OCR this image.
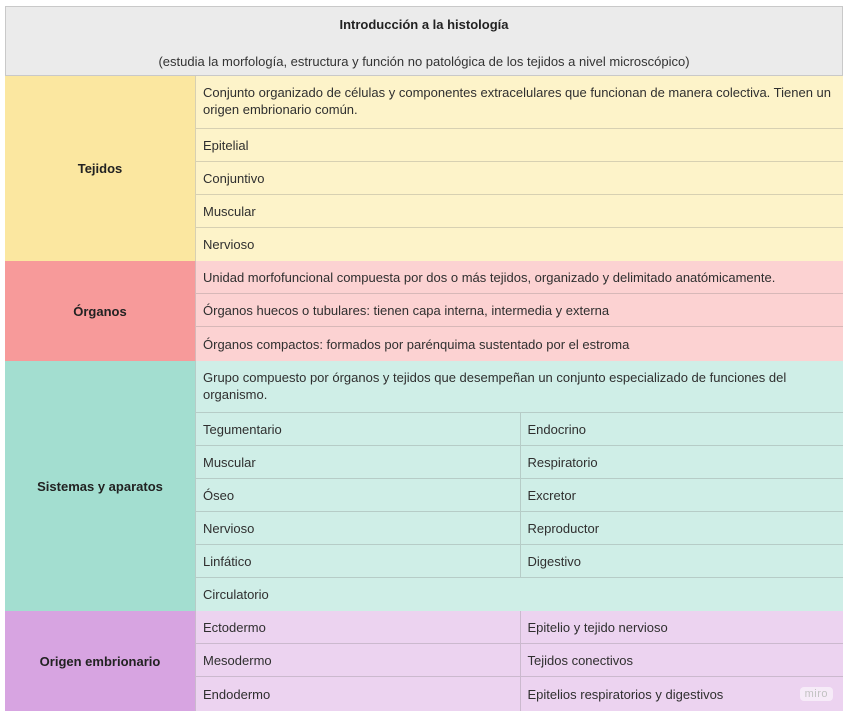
Introducción a la histología
(estudia la morfología, estructura y función no patológica de los tejidos a nivel microscópico)
Tejidos
Conjunto organizado de células y componentes extracelulares que funcionan de manera colectiva. Tienen un origen embrionario común.
Epitelial
Conjuntivo
Muscular
Nervioso
Órganos
Unidad morfofuncional compuesta por dos o más tejidos, organizado y delimitado anatómicamente.
Órganos huecos o tubulares: tienen capa interna, intermedia y externa
Órganos compactos: formados por parénquima sustentado por el estroma
Sistemas y aparatos
Grupo compuesto por órganos y tejidos que desempeñan un conjunto especializado de funciones del organismo.
Tegumentario	Endocrino
Muscular	Respiratorio
Óseo	Excretor
Nervioso	Reproductor
Linfático	Digestivo
Circulatorio
Origen embrionario
Ectodermo	Epitelio y tejido nervioso
Mesodermo	Tejidos conectivos
Endodermo	Epitelios respiratorios y digestivos	miro
